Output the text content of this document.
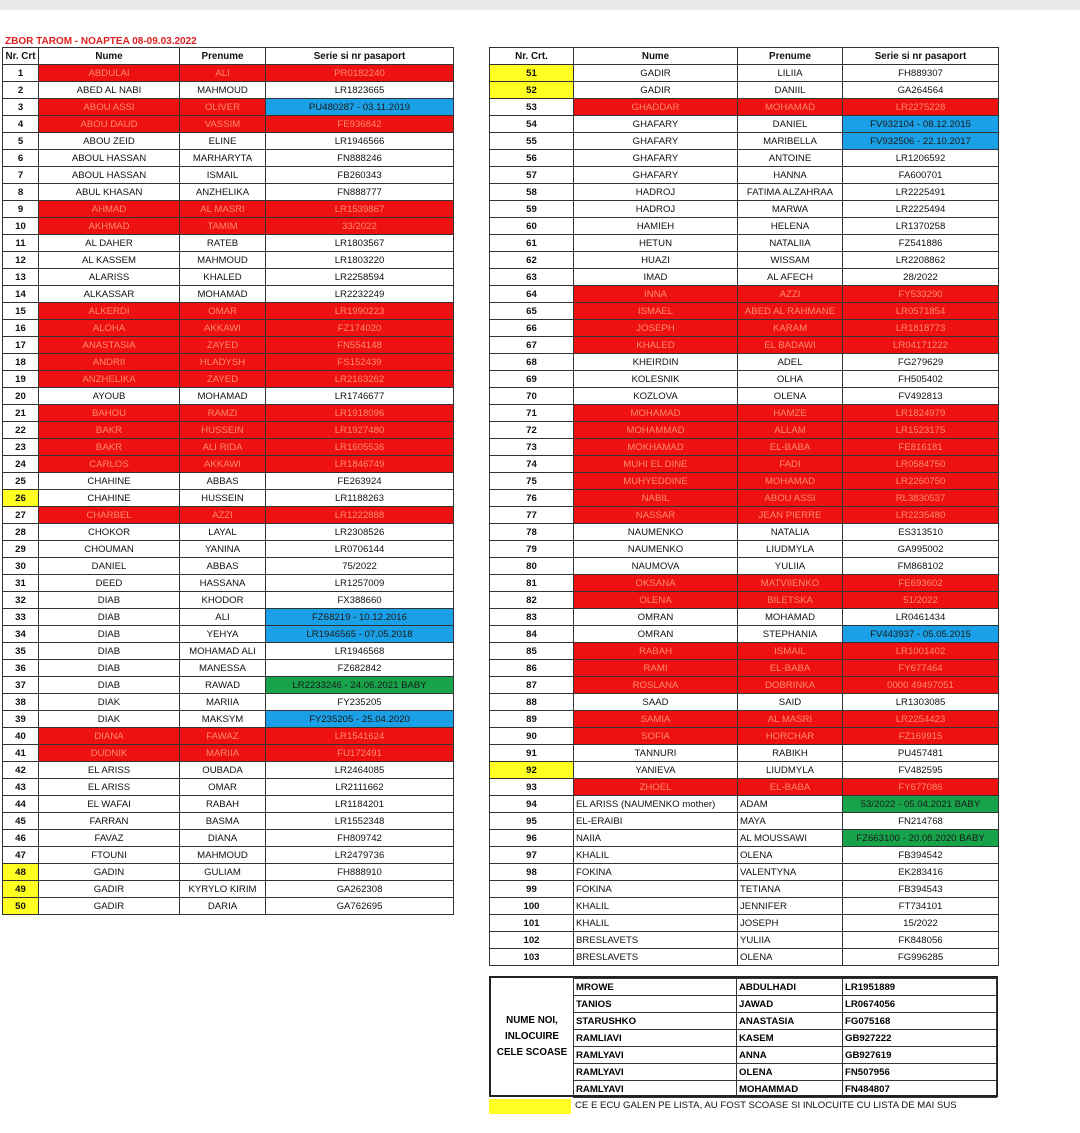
ZBOR TAROM - NOAPTEA 08-09.03.2022
Nr. Crt	Nume	Prenume	Serie si nr pasaport
1	ABDULAI	ALI	PR0182240
2	ABED AL NABI	MAHMOUD	LR1823665
3	ABOU ASSI	OLIVER	PU480287 - 03.11.2019
4	ABOU DAUD	VASSIM	FE936842
5	ABOU ZEID	ELINE	LR1946566
6	ABOUL HASSAN	MARHARYTA	FN888246
7	ABOUL HASSAN	ISMAIL	FB260343
8	ABUL KHASAN	ANZHELIKA	FN888777
9	AHMAD	AL MASRI	LR1539867
10	AKHMAD	TAMIM	33/2022
11	AL DAHER	RATEB	LR1803567
12	AL KASSEM	MAHMOUD	LR1803220
13	ALARISS	KHALED	LR2258594
14	ALKASSAR	MOHAMAD	LR2232249
15	ALKERDI	OMAR	LR1990223
16	ALOHA	AKKAWI	FZ174020
17	ANASTASIA	ZAYED	FN554148
18	ANDRII	HLADYSH	FS152439
19	ANZHELIKA	ZAYED	LR2163262
20	AYOUB	MOHAMAD	LR1746677
21	BAHOU	RAMZI	LR1918096
22	BAKR	HUSSEIN	LR1927480
23	BAKR	ALI RIDA	LR1605536
24	CARLOS	AKKAWI	LR1846749
25	CHAHINE	ABBAS	FE263924
26	CHAHINE	HUSSEIN	LR1188263
27	CHARBEL	AZZI	LR1222888
28	CHOKOR	LAYAL	LR2308526
29	CHOUMAN	YANINA	LR0706144
30	DANIEL	ABBAS	75/2022
31	DEED	HASSANA	LR1257009
32	DIAB	KHODOR	FX388660
33	DIAB	ALI	FZ68219 - 10.12.2016
34	DIAB	YEHYA	LR1946565 - 07.05.2018
35	DIAB	MOHAMAD ALI	LR1946568
36	DIAB	MANESSA	FZ682842
37	DIAB	RAWAD	LR2233246 - 24.06.2021 BABY
38	DIAK	MARIIA	FY235205
39	DIAK	MAKSYM	FY235205 - 25.04.2020
40	DIANA	FAWAZ	LR1541624
41	DUDNIK	MARIIA	FU172491
42	EL ARISS	OUBADA	LR2464085
43	EL ARISS	OMAR	LR2111662
44	EL WAFAI	RABAH	LR1184201
45	FARRAN	BASMA	LR1552348
46	FAVAZ	DIANA	FH809742
47	FTOUNI	MAHMOUD	LR2479736
48	GADIN	GULIAM	FH888910
49	GADIR	KYRYLO KIRIM	GA262308
50	GADIR	DARIA	GA762695
Nr. Crt.	Nume	Prenume	Serie si nr pasaport
51	GADIR	LILIIA	FH889307
52	GADIR	DANIIL	GA264564
53	GHADDAR	MOHAMAD	LR2275228
54	GHAFARY	DANIEL	FV932104 - 08.12.2015
55	GHAFARY	MARIBELLA	FV932506 - 22.10.2017
56	GHAFARY	ANTOINE	LR1206592
57	GHAFARY	HANNA	FA600701
58	HADROJ	FATIMA ALZAHRAA	LR2225491
59	HADROJ	MARWA	LR2225494
60	HAMIEH	HELENA	LR1370258
61	HETUN	NATALIIA	FZ541886
62	HUAZI	WISSAM	LR2208862
63	IMAD	AL AFECH	28/2022
64	INNA	AZZI	FY533290
65	ISMAEL	ABED AL RAHMANE	LR0571854
66	JOSEPH	KARAM	LR1818773
67	KHALED	EL BADAWI	LR04171222
68	KHEIRDIN	ADEL	FG279629
69	KOLESNIK	OLHA	FH505402
70	KOZLOVA	OLENA	FV492813
71	MOHAMAD	HAMZE	LR1824979
72	MOHAMMAD	ALLAM	LR1523175
73	MOKHAMAD	EL-BABA	FE816181
74	MUHI EL DINE	FADI	LR0584750
75	MUHYEDDINE	MOHAMAD	LR2260750
76	NABIL	ABOU ASSI	RL3830537
77	NASSAR	JEAN PIERRE	LR2235480
78	NAUMENKO	NATALIA	ES313510
79	NAUMENKO	LIUDMYLA	GA995002
80	NAUMOVA	YULIIA	FM868102
81	OKSANA	MATVIIENKO	FE693602
82	OLENA	BILETSKA	51/2022
83	OMRAN	MOHAMAD	LR0461434
84	OMRAN	STEPHANIA	FV443937 - 05.05.2015
85	RABAH	ISMAIL	LR1001402
86	RAMI	EL-BABA	FY677464
87	ROSLANA	DOBRINKA	0000 49497051
88	SAAD	SAID	LR1303085
89	SAMIA	AL MASRI	LR2254423
90	SOFIA	HORCHAR	FZ169915
91	TANNURI	RABIKH	PU457481
92	YANIEVA	LIUDMYLA	FV482595
93	ZHOEL	EL-BABA	FY677086
94	EL ARISS (NAUMENKO mother)	ADAM	53/2022 - 05.04.2021 BABY
95	EL-ERAIBI	MAYA	FN214768
96	NAIIA	AL MOUSSAWI	FZ663100 - 20.08.2020 BABY
97	KHALIL	OLENA	FB394542
98	FOKINA	VALENTYNA	EK283416
99	FOKINA	TETIANA	FB394543
100	KHALIL	JENNIFER	FT734101
101	KHALIL	JOSEPH	15/2022
102	BRESLAVETS	YULIIA	FK848056
103	BRESLAVETS	OLENA	FG996285
NUME NOI,
INLOCUIRE
CELE SCOASE
MROWE	ABDULHADI	LR1951889
TANIOS	JAWAD	LR0674056
STARUSHKO	ANASTASIA	FG075168
RAMLIAVI	KASEM	GB927222
RAMLYAVI	ANNA	GB927619
RAMLYAVI	OLENA	FN507956
RAMLYAVI	MOHAMMAD	FN484807
CE E ECU GALEN PE LISTA, AU FOST SCOASE SI INLOCUITE CU LISTA DE MAI SUS
